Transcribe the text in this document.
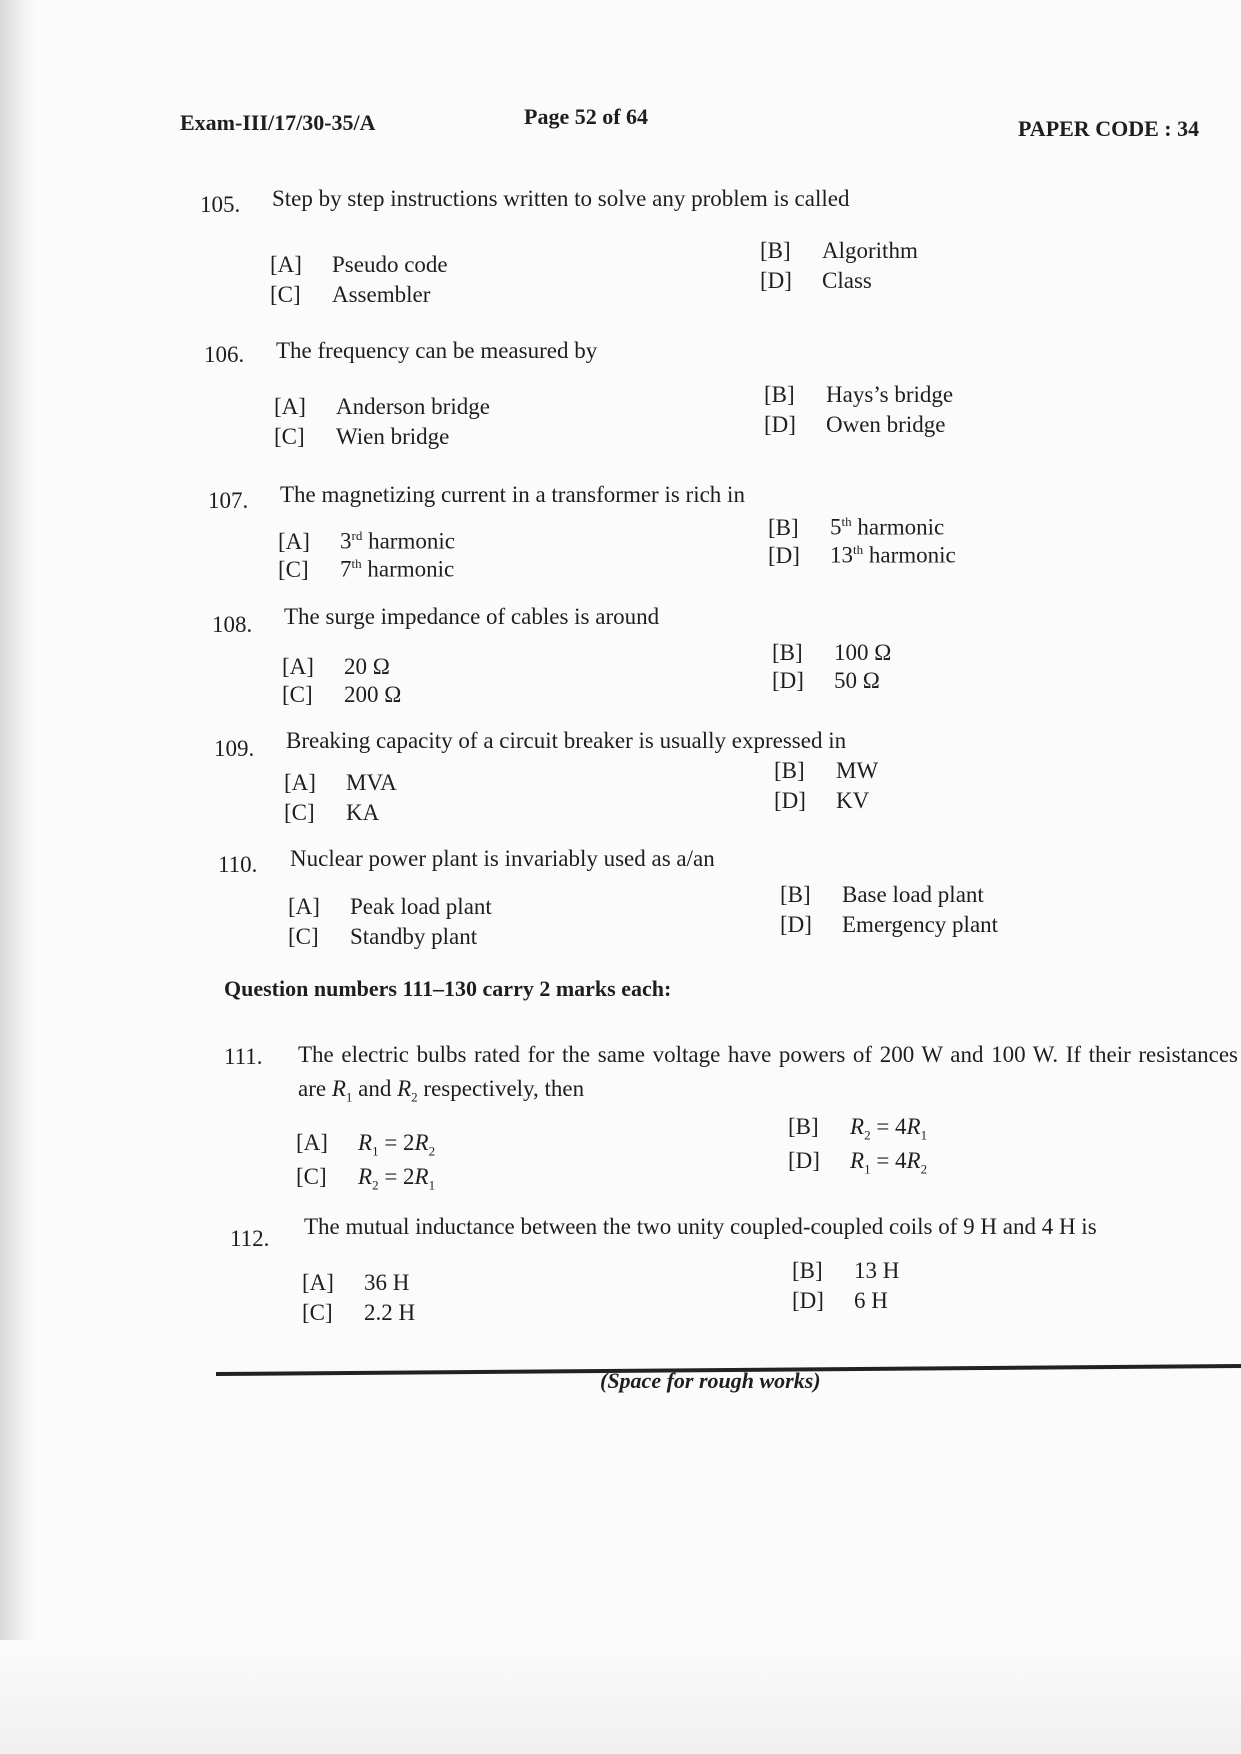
Exam-III/17/30-35/A	Page 52 of 64	PAPER CODE : 34
105. Step by step instructions written to solve any problem is called
[A] Pseudo code
[B] Algorithm
[C] Assembler
[D] Class
106. The frequency can be measured by
[A] Anderson bridge	[B] Hays’s bridge
[C] Wien bridge	[D] Owen bridge
107. The magnetizing current in a transformer is rich in
[A] 3rd harmonic
[B] 5th harmonic
[C] 7th harmonic
[D] 13th harmonic
108. The surge impedance of cables is around
[A] 20 Ω
[B] 100 Ω
[C] 200 Ω
[D] 50 Ω
109. Breaking capacity of a circuit breaker is usually expressed in
[A] MVA	[B] MW
[C] KA	[D] KV
110. Nuclear power plant is invariably used as a/an
[A] Peak load plant	[B] Base load plant
[C] Standby plant	[D] Emergency plant
Question numbers 111–130 carry 2 marks each:
111. The electric bulbs rated for the same voltage have powers of 200 W and 100 W. If their resistances are $R_1$ and $R_2$ respectively, then
[A] $R_1 = 2R_2$
[B] $R_2 = 4R_1$
[C] $R_2 = 2R_1$
[D] $R_1 = 4R_2$
112. The mutual inductance between the two unity coupled-coupled coils of 9 H and 4 H is
[A] 36 H	[B] 13 H
[C] 2.2 H	[D] 6 H
(Space for rough works)
